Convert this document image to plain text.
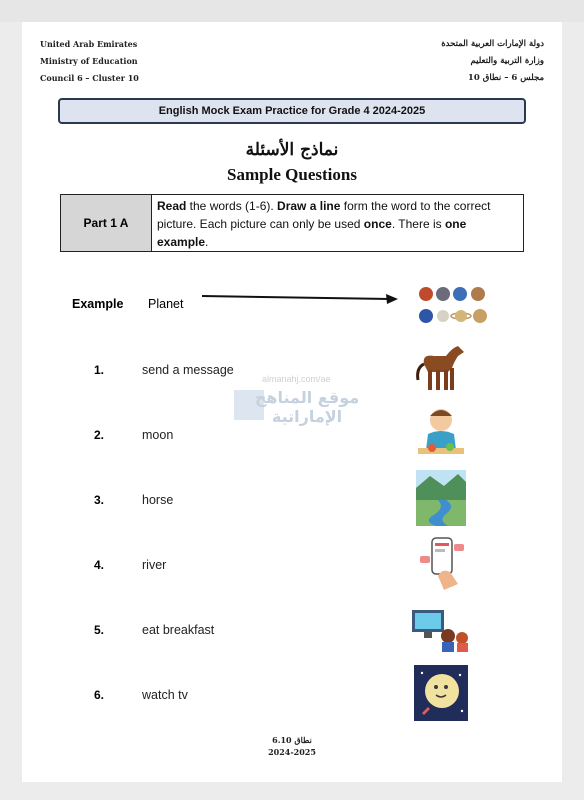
United Arab Emirates
Ministry of Education
Council 6 – Cluster 10
دولة الإمارات العربية المتحدة
وزارة التربية والتعليم
مجلس 6 – نطاق 10
English Mock Exam Practice for Grade 4 2024-2025
نماذج الأسئلة
Sample Questions
Part 1 A
Read the words (1-6). Draw a line form the word to the correct picture. Each picture can only be used once. There is one example.
Example Planet
1.	send a message
2.	moon
3.	horse
4.	river
5.	eat breakfast
6.	watch tv
almanahj.com/ae
موقع المناهج الإماراتية
نطاق 6.10
2024-2025
